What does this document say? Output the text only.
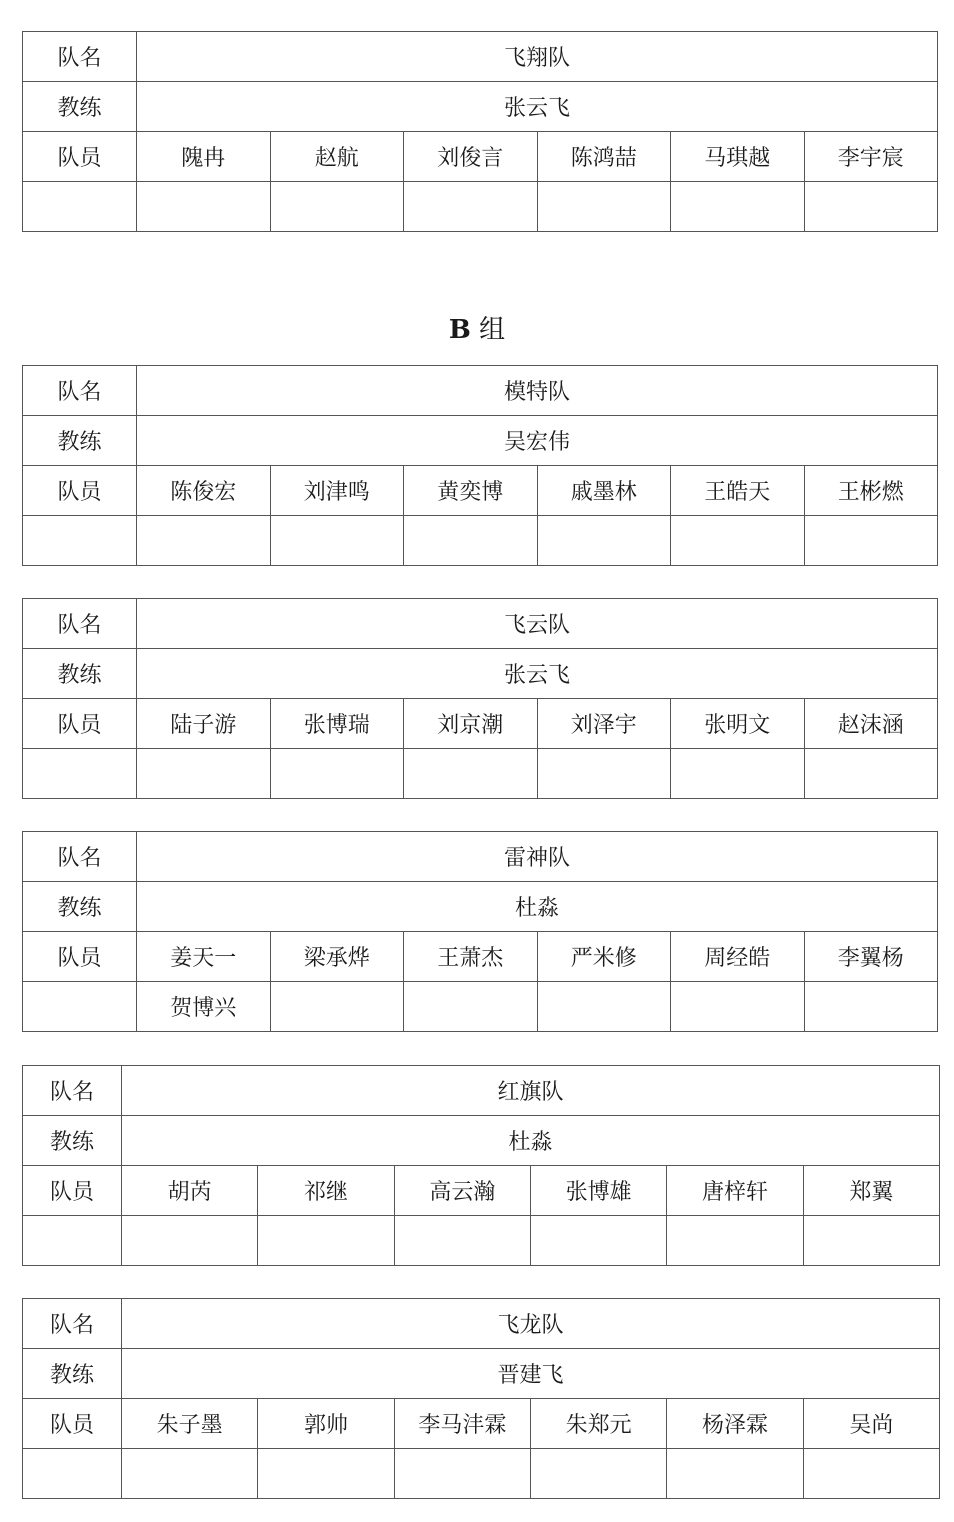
B 组
队名	飞翔队					
教练	张云飞					
队员	隗冉	赵航	刘俊言	陈鸿喆	马琪越	李宇宸

队名	模特队					
教练	吴宏伟					
队员	陈俊宏	刘津鸣	黄奕博	戚墨林	王皓天	王彬燃

队名	飞云队					
教练	张云飞					
队员	陆子游	张博瑞	刘京潮	刘泽宇	张明文	赵沫涵

队名	雷神队					
教练	杜淼					
队员	姜天一	梁承烨	王萧杰	严米修	周经皓	李翼杨
	贺博兴					
队名	红旗队					
教练	杜淼					
队员	胡芮	祁继	高云瀚	张博雄	唐梓轩	郑翼

队名	飞龙队					
教练	晋建飞					
队员	朱子墨	郭帅	李马沣霖	朱郑元	杨泽霖	吴尚
